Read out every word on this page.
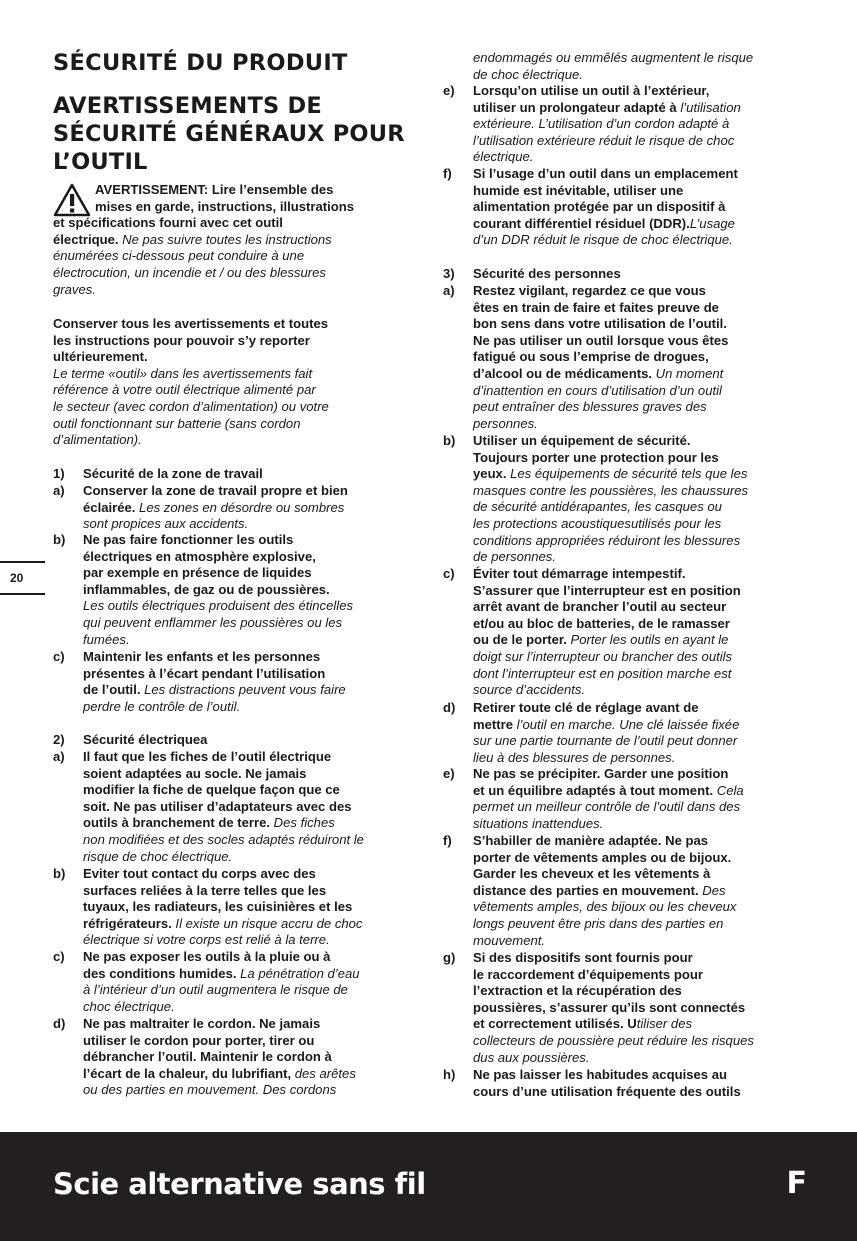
SÉCURITÉ DU PRODUIT
AVERTISSEMENTS DE
SÉCURITÉ GÉNÉRAUX POUR
L’OUTIL
AVERTISSEMENT: Lire l’ensemble des
mises en garde, instructions, illustrations
et spécifications fourni avec cet outil
électrique. Ne pas suivre toutes les instructions
énumérées ci-dessous peut conduire à une
électrocution, un incendie et / ou des blessures
graves.
Conserver tous les avertissements et toutes
les instructions pour pouvoir s’y reporter
ultérieurement.
Le terme «outil» dans les avertissements fait
référence à votre outil électrique alimenté par
le secteur (avec cordon d’alimentation) ou votre
outil fonctionnant sur batterie (sans cordon
d’alimentation).
1) Sécurité de la zone de travail
a) Conserver la zone de travail propre et bien
éclairée. Les zones en désordre ou sombres
sont propices aux accidents.
b) Ne pas faire fonctionner les outils
électriques en atmosphère explosive,
par exemple en présence de liquides
inflammables, de gaz ou de poussières.
Les outils électriques produisent des étincelles
qui peuvent enflammer les poussières ou les
fumées.
c) Maintenir les enfants et les personnes
présentes à l’écart pendant l’utilisation
de l’outil. Les distractions peuvent vous faire
perdre le contrôle de l’outil.
2) Sécurité électriquea
a) Il faut que les fiches de l’outil électrique
soient adaptées au socle. Ne jamais
modifier la fiche de quelque façon que ce
soit. Ne pas utiliser d’adaptateurs avec des
outils à branchement de terre. Des fiches
non modifiées et des socles adaptés réduiront le
risque de choc électrique.
b) Eviter tout contact du corps avec des
surfaces reliées à la terre telles que les
tuyaux, les radiateurs, les cuisinières et les
réfrigérateurs. Il existe un risque accru de choc
électrique si votre corps est relié à la terre.
c) Ne pas exposer les outils à la pluie ou à
des conditions humides. La pénétration d’eau
à l’intérieur d’un outil augmentera le risque de
choc électrique.
d) Ne pas maltraiter le cordon. Ne jamais
utiliser le cordon pour porter, tirer ou
débrancher l’outil. Maintenir le cordon à
l’écart de la chaleur, du lubrifiant, des arêtes
ou des parties en mouvement. Des cordons
endommagés ou emmêlés augmentent le risque
de choc électrique.
e) Lorsqu’on utilise un outil à l’extérieur,
utiliser un prolongateur adapté à l’utilisation
extérieure. L’utilisation d’un cordon adapté à
l’utilisation extérieure réduit le risque de choc
électrique.
f) Si l’usage d’un outil dans un emplacement
humide est inévitable, utiliser une
alimentation protégée par un dispositif à
courant différentiel résiduel (DDR).L’usage
d’un DDR réduit le risque de choc électrique.
3) Sécurité des personnes
a) Restez vigilant, regardez ce que vous
êtes en train de faire et faites preuve de
bon sens dans votre utilisation de l’outil.
Ne pas utiliser un outil lorsque vous êtes
fatigué ou sous l’emprise de drogues,
d’alcool ou de médicaments. Un moment
d’inattention en cours d’utilisation d’un outil
peut entraîner des blessures graves des
personnes.
b) Utiliser un équipement de sécurité.
Toujours porter une protection pour les
yeux. Les équipements de sécurité tels que les
masques contre les poussières, les chaussures
de sécurité antidérapantes, les casques ou
les protections acoustiquesutilisés pour les
conditions appropriées réduiront les blessures
de personnes.
c) Éviter tout démarrage intempestif.
S’assurer que l’interrupteur est en position
arrêt avant de brancher l’outil au secteur
et/ou au bloc de batteries, de le ramasser
ou de le porter. Porter les outils en ayant le
doigt sur l’interrupteur ou brancher des outils
dont l’interrupteur est en position marche est
source d’accidents.
d) Retirer toute clé de réglage avant de
mettre l’outil en marche. Une clé laissée fixée
sur une partie tournante de l’outil peut donner
lieu à des blessures de personnes.
e) Ne pas se précipiter. Garder une position
et un équilibre adaptés à tout moment. Cela
permet un meilleur contrôle de l’outil dans des
situations inattendues.
f) S’habiller de manière adaptée. Ne pas
porter de vêtements amples ou de bijoux.
Garder les cheveux et les vêtements à
distance des parties en mouvement. Des
vêtements amples, des bijoux ou les cheveux
longs peuvent être pris dans des parties en
mouvement.
g) Si des dispositifs sont fournis pour
le raccordement d’équipements pour
l’extraction et la récupération des
poussières, s’assurer qu’ils sont connectés
et correctement utilisés. Utiliser des
collecteurs de poussière peut réduire les risques
dus aux poussières.
h) Ne pas laisser les habitudes acquises au
cours d’une utilisation fréquente des outils
20
Scie alternative sans fil	F
